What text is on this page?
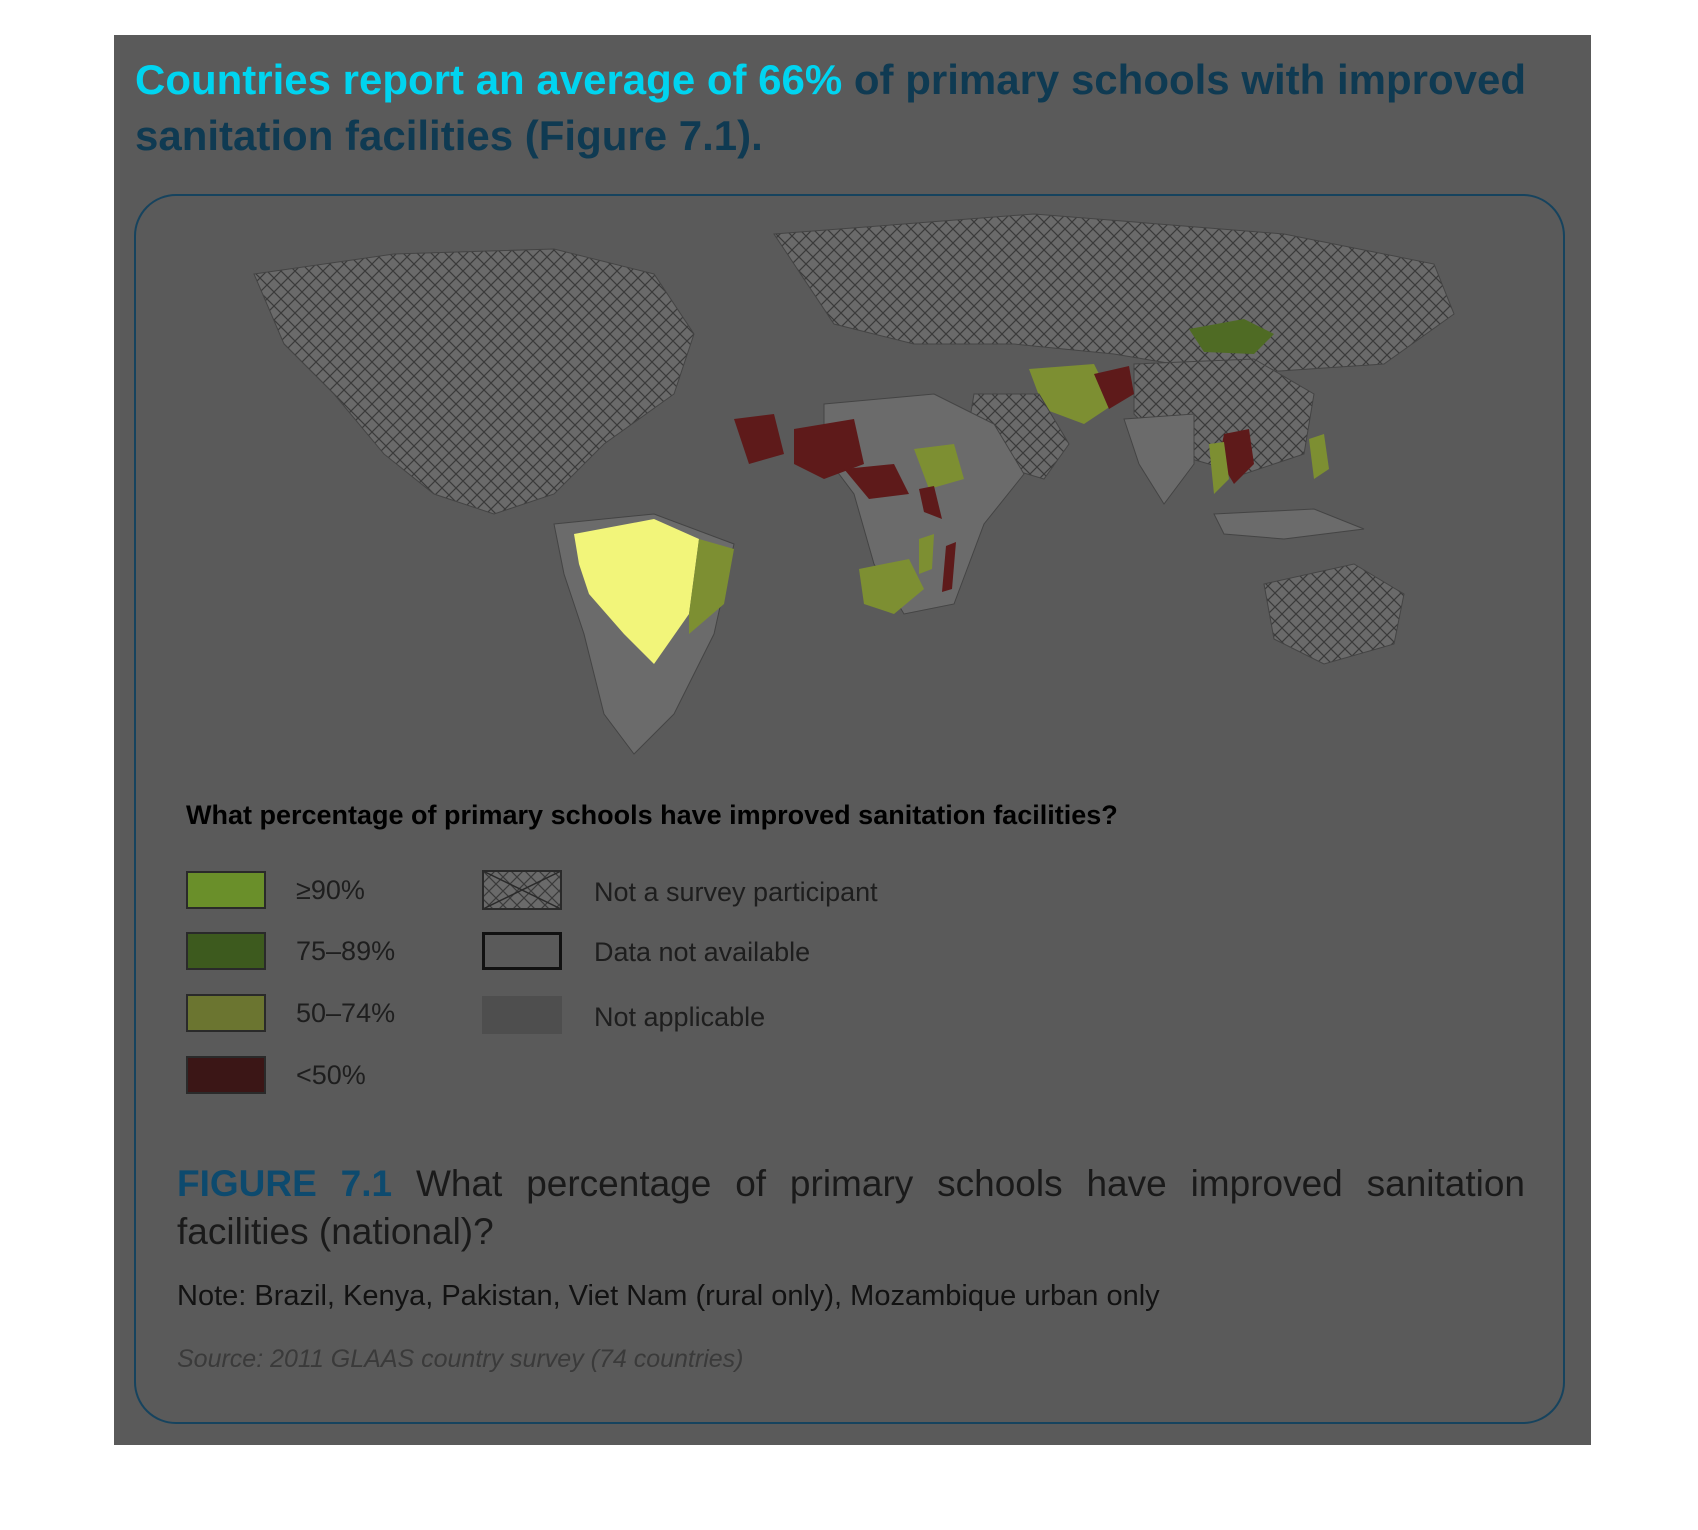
Countries report an average of 66% of primary schools with improved sanitation facilities (Figure 7.1).
What percentage of primary schools have improved sanitation facilities?
≥90%
75–89%
50–74%
<50%
Not a survey participant
Data not available
Not applicable
FIGURE 7.1 What percentage of primary schools have improved sanitation facilities (national)?
Note: Brazil, Kenya, Pakistan, Viet Nam (rural only), Mozambique urban only
Source: 2011 GLAAS country survey (74 countries)
